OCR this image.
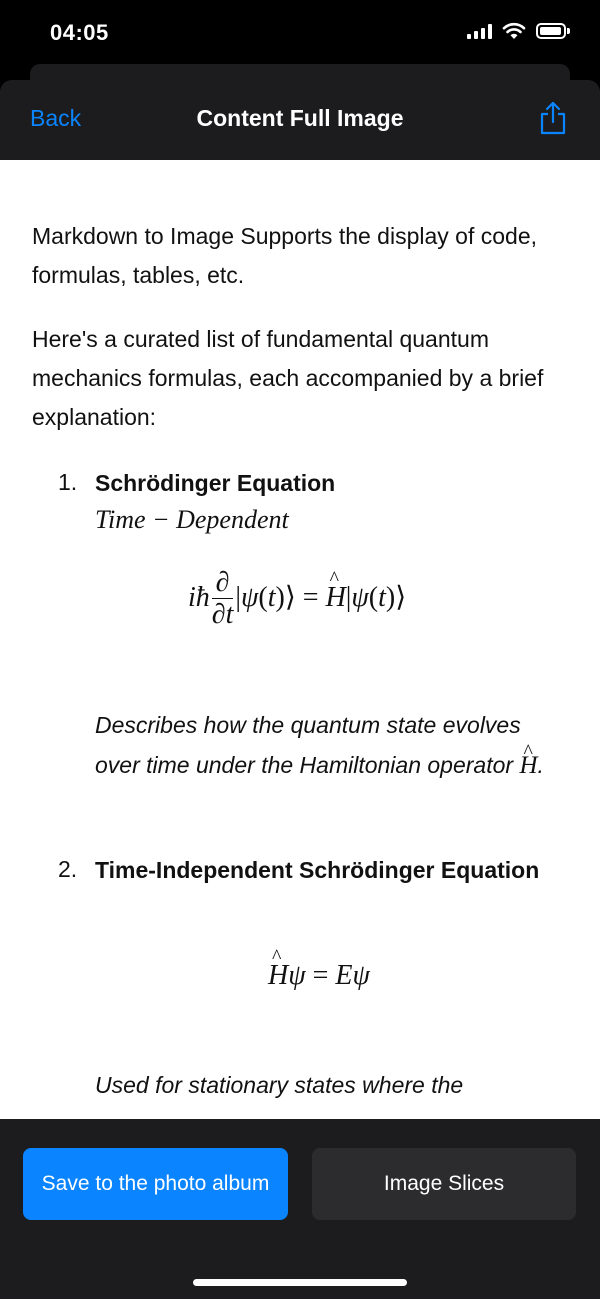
04:05
Back	Content Full Image
Markdown to Image Supports the display of code, formulas, tables, etc.
Here's a curated list of fundamental quantum mechanics formulas, each accompanied by a brief explanation:
1. Schrödinger Equation
Time − Dependent
iħ $\frac{\partial}{\partial t}$ |ψ(t)⟩ = ^ H|ψ(t)⟩
Describes how the quantum state evolves over time under the Hamiltonian operator ^ H.
2. Time-Independent Schrödinger Equation
^ Hψ = Eψ
Used for stationary states where the
Save to the photo album	Image Slices
